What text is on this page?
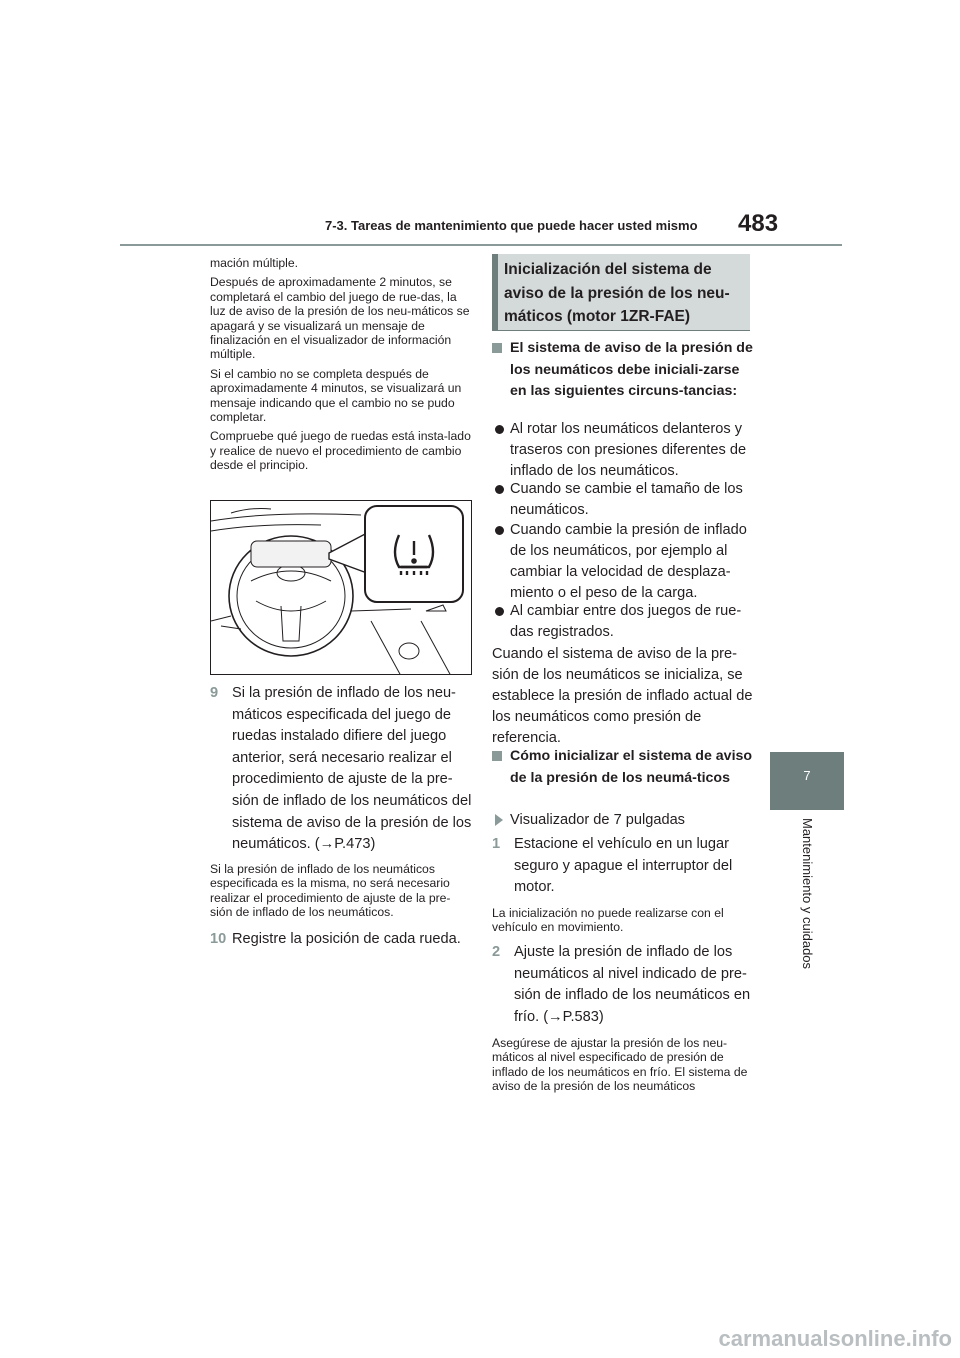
7-3. Tareas de mantenimiento que puede hacer usted mismo 483
7
Mantenimiento y cuidados

mación múltiple.

Después de aproximadamente 2 minutos, se completará el cambio del juego de rue-das, la luz de aviso de la presión de los neu-máticos se apagará y se visualizará un mensaje de finalización en el visualizador de información múltiple.

Si el cambio no se completa después de aproximadamente 4 minutos, se visualizará un mensaje indicando que el cambio no se pudo completar.

Compruebe qué juego de ruedas está insta-lado y realice de nuevo el procedimiento de cambio desde el principio.

9 Si la presión de inflado de los neu-máticos especificada del juego de ruedas instalado difiere del juego anterior, será necesario realizar el procedimiento de ajuste de la pre-sión de inflado de los neumáticos del sistema de aviso de la presión de los neumáticos. (→P.473)
Si la presión de inflado de los neumáticos especificada es la misma, no será necesario realizar el procedimiento de ajuste de la pre-sión de inflado de los neumáticos.
10 Registre la posición de cada rueda.
Inicialización del sistema de aviso de la presión de los neu-máticos (motor 1ZR-FAE)
El sistema de aviso de la presión de los neumáticos debe iniciali-zarse en las siguientes circuns-tancias:
Al rotar los neumáticos delanteros y traseros con presiones diferentes de inflado de los neumáticos.
Cuando se cambie el tamaño de los neumáticos.
Cuando cambie la presión de inflado de los neumáticos, por ejemplo al cambiar la velocidad de desplaza-miento o el peso de la carga.
Al cambiar entre dos juegos de rue-das registrados.
Cuando el sistema de aviso de la pre-sión de los neumáticos se inicializa, se establece la presión de inflado actual de los neumáticos como presión de referencia.
Cómo inicializar el sistema de aviso de la presión de los neumá-ticos
Visualizador de 7 pulgadas
1 Estacione el vehículo en un lugar seguro y apague el interruptor del motor.
La inicialización no puede realizarse con el vehículo en movimiento.
2 Ajuste la presión de inflado de los neumáticos al nivel indicado de pre-sión de inflado de los neumáticos en frío. (→P.583)
Asegúrese de ajustar la presión de los neu-máticos al nivel especificado de presión de inflado de los neumáticos en frío. El sistema de aviso de la presión de los neumáticos
carmanualsonline.info
